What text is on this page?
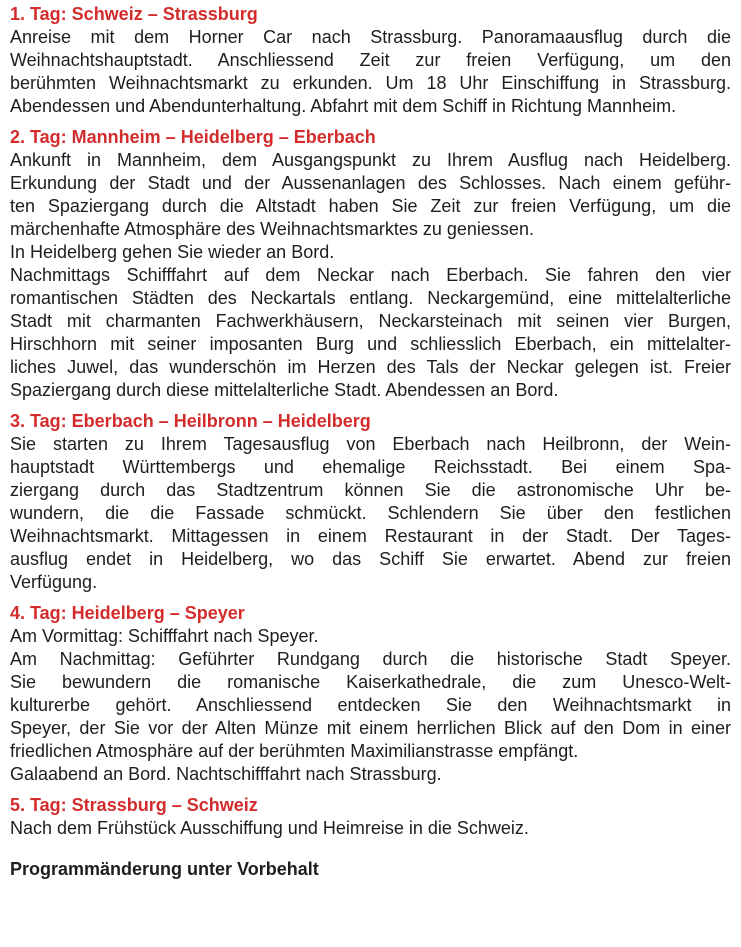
1. Tag: Schweiz – Strassburg
Anreise mit dem Horner Car nach Strassburg. Panoramaausflug durch die
Weihnachtshauptstadt. Anschliessend Zeit zur freien Verfügung, um den
berühmten Weihnachtsmarkt zu erkunden. Um 18 Uhr Einschiffung in Strassburg.
Abendessen und Abendunterhaltung. Abfahrt mit dem Schiff in Richtung Mannheim.
2. Tag: Mannheim – Heidelberg – Eberbach
Ankunft in Mannheim, dem Ausgangspunkt zu Ihrem Ausflug nach Heidelberg.
Erkundung der Stadt und der Aussenanlagen des Schlosses. Nach einem geführ-
ten Spaziergang durch die Altstadt haben Sie Zeit zur freien Verfügung, um die
märchenhafte Atmosphäre des Weihnachtsmarktes zu geniessen.
In Heidelberg gehen Sie wieder an Bord.
Nachmittags Schifffahrt auf dem Neckar nach Eberbach. Sie fahren den vier
romantischen Städten des Neckartals entlang. Neckargemünd, eine mittelalterliche
Stadt mit charmanten Fachwerkhäusern, Neckarsteinach mit seinen vier Burgen,
Hirschhorn mit seiner imposanten Burg und schliesslich Eberbach, ein mittelalter-
liches Juwel, das wunderschön im Herzen des Tals der Neckar gelegen ist. Freier
Spaziergang durch diese mittelalterliche Stadt. Abendessen an Bord.
3. Tag: Eberbach – Heilbronn – Heidelberg
Sie starten zu Ihrem Tagesausflug von Eberbach nach Heilbronn, der Wein-
hauptstadt Württembergs und ehemalige Reichsstadt. Bei einem Spa-
ziergang durch das Stadtzentrum können Sie die astronomische Uhr be-
wundern, die die Fassade schmückt. Schlendern Sie über den festlichen
Weihnachtsmarkt. Mittagessen in einem Restaurant in der Stadt. Der Tages-
ausflug endet in Heidelberg, wo das Schiff Sie erwartet. Abend zur freien
Verfügung.
4. Tag: Heidelberg – Speyer
Am Vormittag: Schifffahrt nach Speyer.
Am Nachmittag: Geführter Rundgang durch die historische Stadt Speyer.
Sie bewundern die romanische Kaiserkathedrale, die zum Unesco-Welt-
kulturerbe gehört. Anschliessend entdecken Sie den Weihnachtsmarkt in
Speyer, der Sie vor der Alten Münze mit einem herrlichen Blick auf den Dom in einer
friedlichen Atmosphäre auf der berühmten Maximilianstrasse empfängt.
Galaabend an Bord. Nachtschifffahrt nach Strassburg.
5. Tag: Strassburg – Schweiz
Nach dem Frühstück Ausschiffung und Heimreise in die Schweiz.
Programmänderung unter Vorbehalt
